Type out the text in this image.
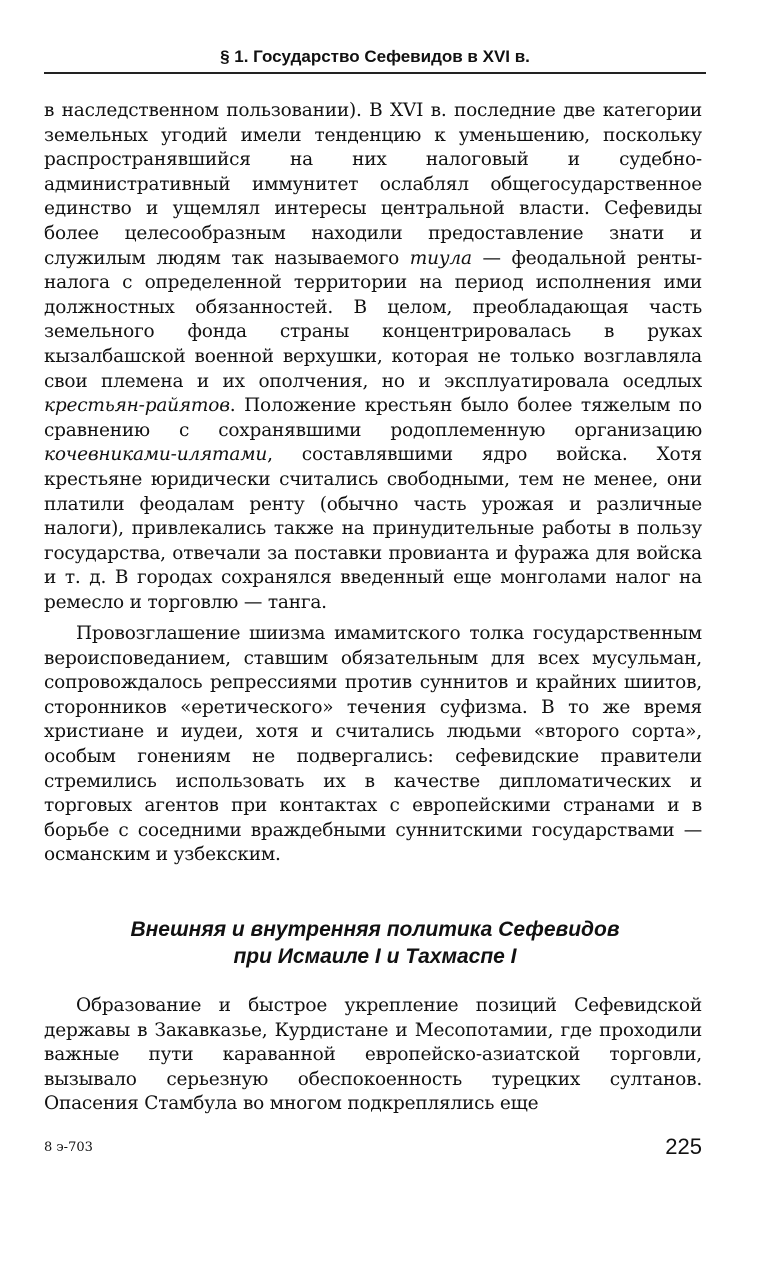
§ 1. Государство Сефевидов в XVI в.

в наследственном пользовании). В XVI в. последние две категории земельных угодий имели тенденцию к уменьшению, поскольку распространявшийся на них налоговый и судебно-административный иммунитет ослаблял общегосударственное единство и ущемлял интересы центральной власти. Сефевиды более целесообразным находили предоставление знати и служилым людям так называемого тиула — феодальной ренты-налога с определенной территории на период исполнения ими должностных обязанностей. В целом, преобладающая часть земельного фонда страны концентрировалась в руках кызалбашской военной верхушки, которая не только возглавляла свои племена и их ополчения, но и эксплуатировала оседлых крестьян-райятов. Положение крестьян было более тяжелым по сравнению с сохранявшими родоплеменную организацию кочевниками-илятами, составлявшими ядро войска. Хотя крестьяне юридически считались свободными, тем не менее, они платили феодалам ренту (обычно часть урожая и различные налоги), привлекались также на принудительные работы в пользу государства, отвечали за поставки провианта и фуража для войска и т. д. В городах сохранялся введенный еще монголами налог на ремесло и торговлю — танга.

Провозглашение шиизма имамитского толка государственным вероисповеданием, ставшим обязательным для всех мусульман, сопровождалось репрессиями против суннитов и крайних шиитов, сторонников «еретического» течения суфизма. В то же время христиане и иудеи, хотя и считались людьми «второго сорта», особым гонениям не подвергались: сефевидские правители стремились использовать их в качестве дипломатических и торговых агентов при контактах с европейскими странами и в борьбе с соседними враждебными суннитскими государствами — османским и узбекским.

Внешняя и внутренняя политика Сефевидов
при Исмаиле I и Тахмаспе I

Образование и быстрое укрепление позиций Сефевидской державы в Закавказье, Курдистане и Месопотамии, где проходили важные пути караванной европейско-азиатской торговли, вызывало серьезную обеспокоенность турецких султанов. Опасения Стамбула во многом подкреплялись еще

8 э-703	225
